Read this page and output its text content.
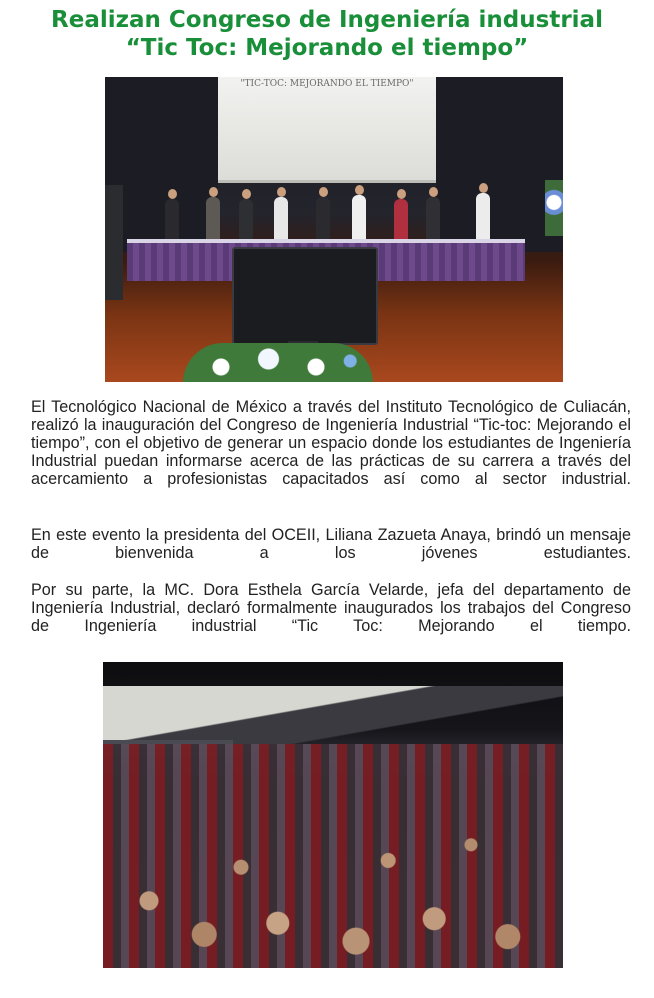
Realizan Congreso de Ingeniería industrial
“Tic Toc: Mejorando el tiempo”
"TIC-TOC: MEJORANDO EL TIEMPO"
El Tecnológico Nacional de México a través del Instituto Tecnológico de Culiacán, realizó la inauguración del Congreso de Ingeniería Industrial “Tic-toc: Mejorando el tiempo”, con el objetivo de generar un espacio donde los estudiantes de Ingeniería Industrial puedan informarse acerca de las prácticas de su carrera a través del acercamiento a profesionistas capacitados así como al sector industrial.
En este evento la presidenta del OCEII, Liliana Zazueta Anaya, brindó un mensaje de bienvenida a los jóvenes estudiantes.
Por su parte, la MC. Dora Esthela García Velarde, jefa del departamento de Ingeniería Industrial, declaró formalmente inaugurados los trabajos del Congreso de Ingeniería industrial “Tic Toc: Mejorando el tiempo.
